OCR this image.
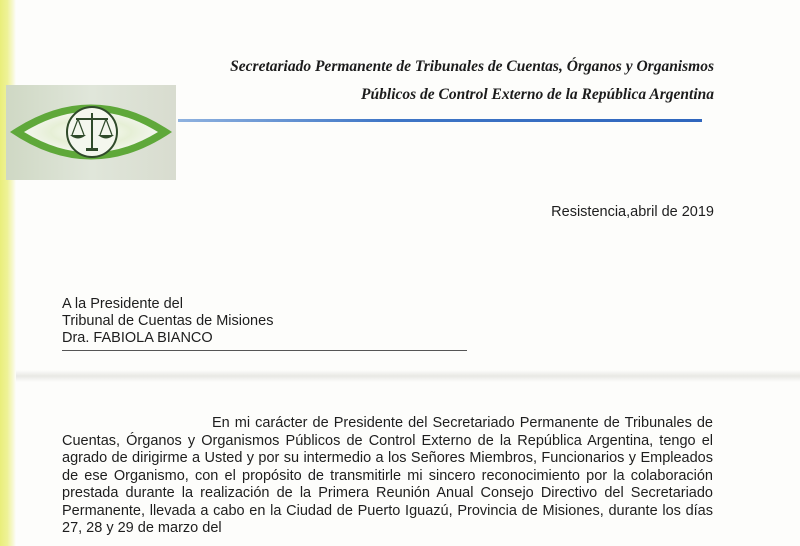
Secretariado Permanente de Tribunales de Cuentas, Órganos y Organismos
Públicos de Control Externo de la República Argentina
Resistencia,abril de 2019
A la Presidente del
Tribunal de Cuentas de Misiones
Dra. FABIOLA BIANCO
En mi carácter de Presidente del Secretariado Permanente de Tribunales de Cuentas, Órganos y Organismos Públicos de Control Externo de la República Argentina, tengo el agrado de dirigirme a Usted y por su intermedio a los Señores Miembros, Funcionarios y Empleados de ese Organismo, con el propósito de transmitirle mi sincero reconocimiento por la colaboración prestada durante la realización de la Primera Reunión Anual Consejo Directivo del Secretariado Permanente, llevada a cabo en la Ciudad de Puerto Iguazú, Provincia de Misiones, durante los días 27, 28 y 29 de marzo del
